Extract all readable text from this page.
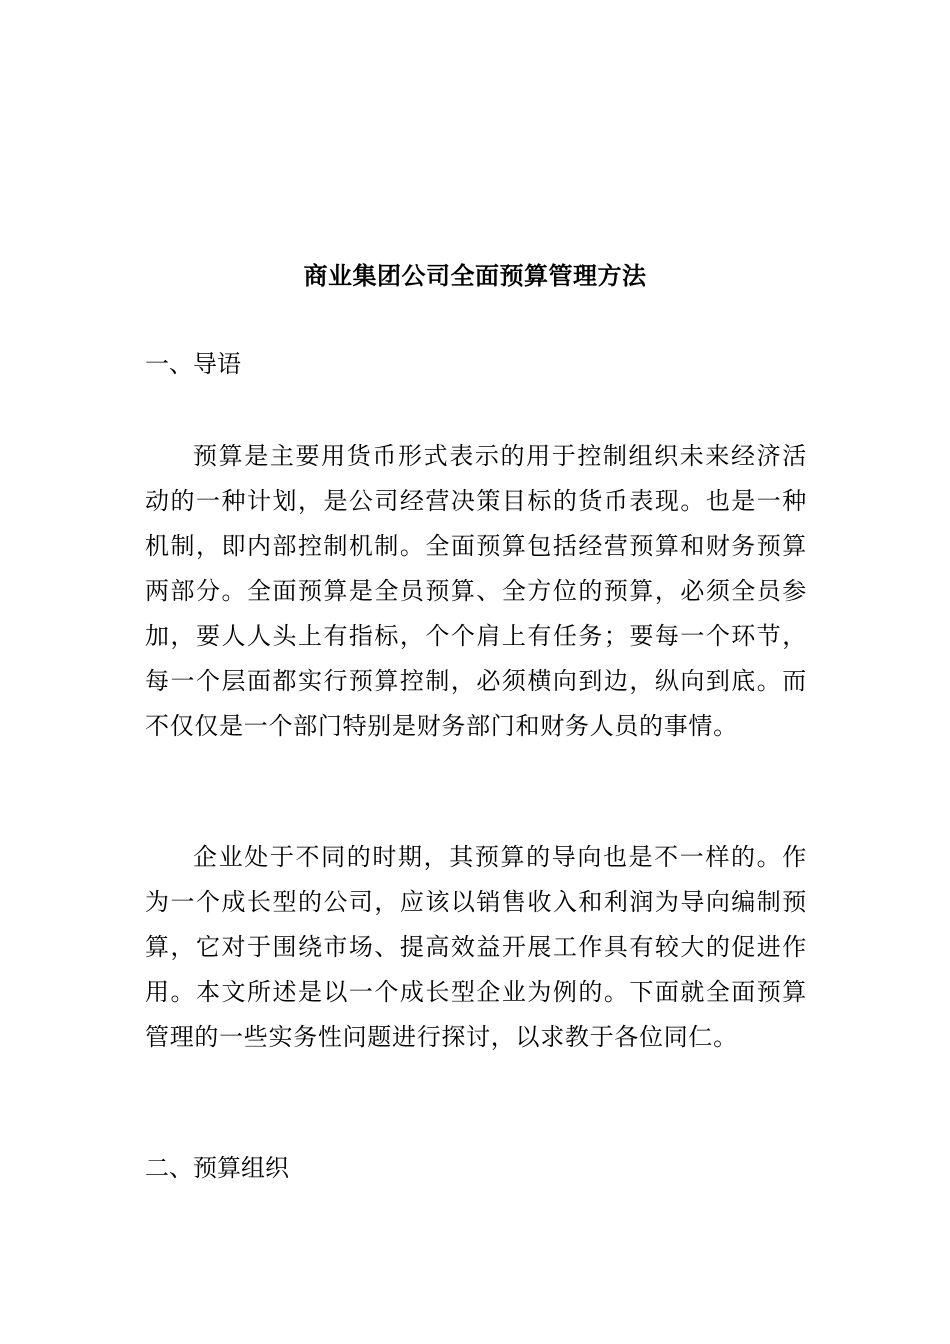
商业集团公司全面预算管理方法
一、导语

预算是主要用货币形式表示的用于控制组织未来经济活动的一种计划，是公司经营决策目标的货币表现。也是一种机制，即内部控制机制。全面预算包括经营预算和财务预算两部分。全面预算是全员预算、全方位的预算，必须全员参加，要人人头上有指标，个个肩上有任务；要每一个环节，每一个层面都实行预算控制，必须横向到边，纵向到底。而不仅仅是一个部门特别是财务部门和财务人员的事情。

企业处于不同的时期，其预算的导向也是不一样的。作为一个成长型的公司，应该以销售收入和利润为导向编制预算，它对于围绕市场、提高效益开展工作具有较大的促进作用。本文所述是以一个成长型企业为例的。下面就全面预算管理的一些实务性问题进行探讨，以求教于各位同仁。

二、预算组织
